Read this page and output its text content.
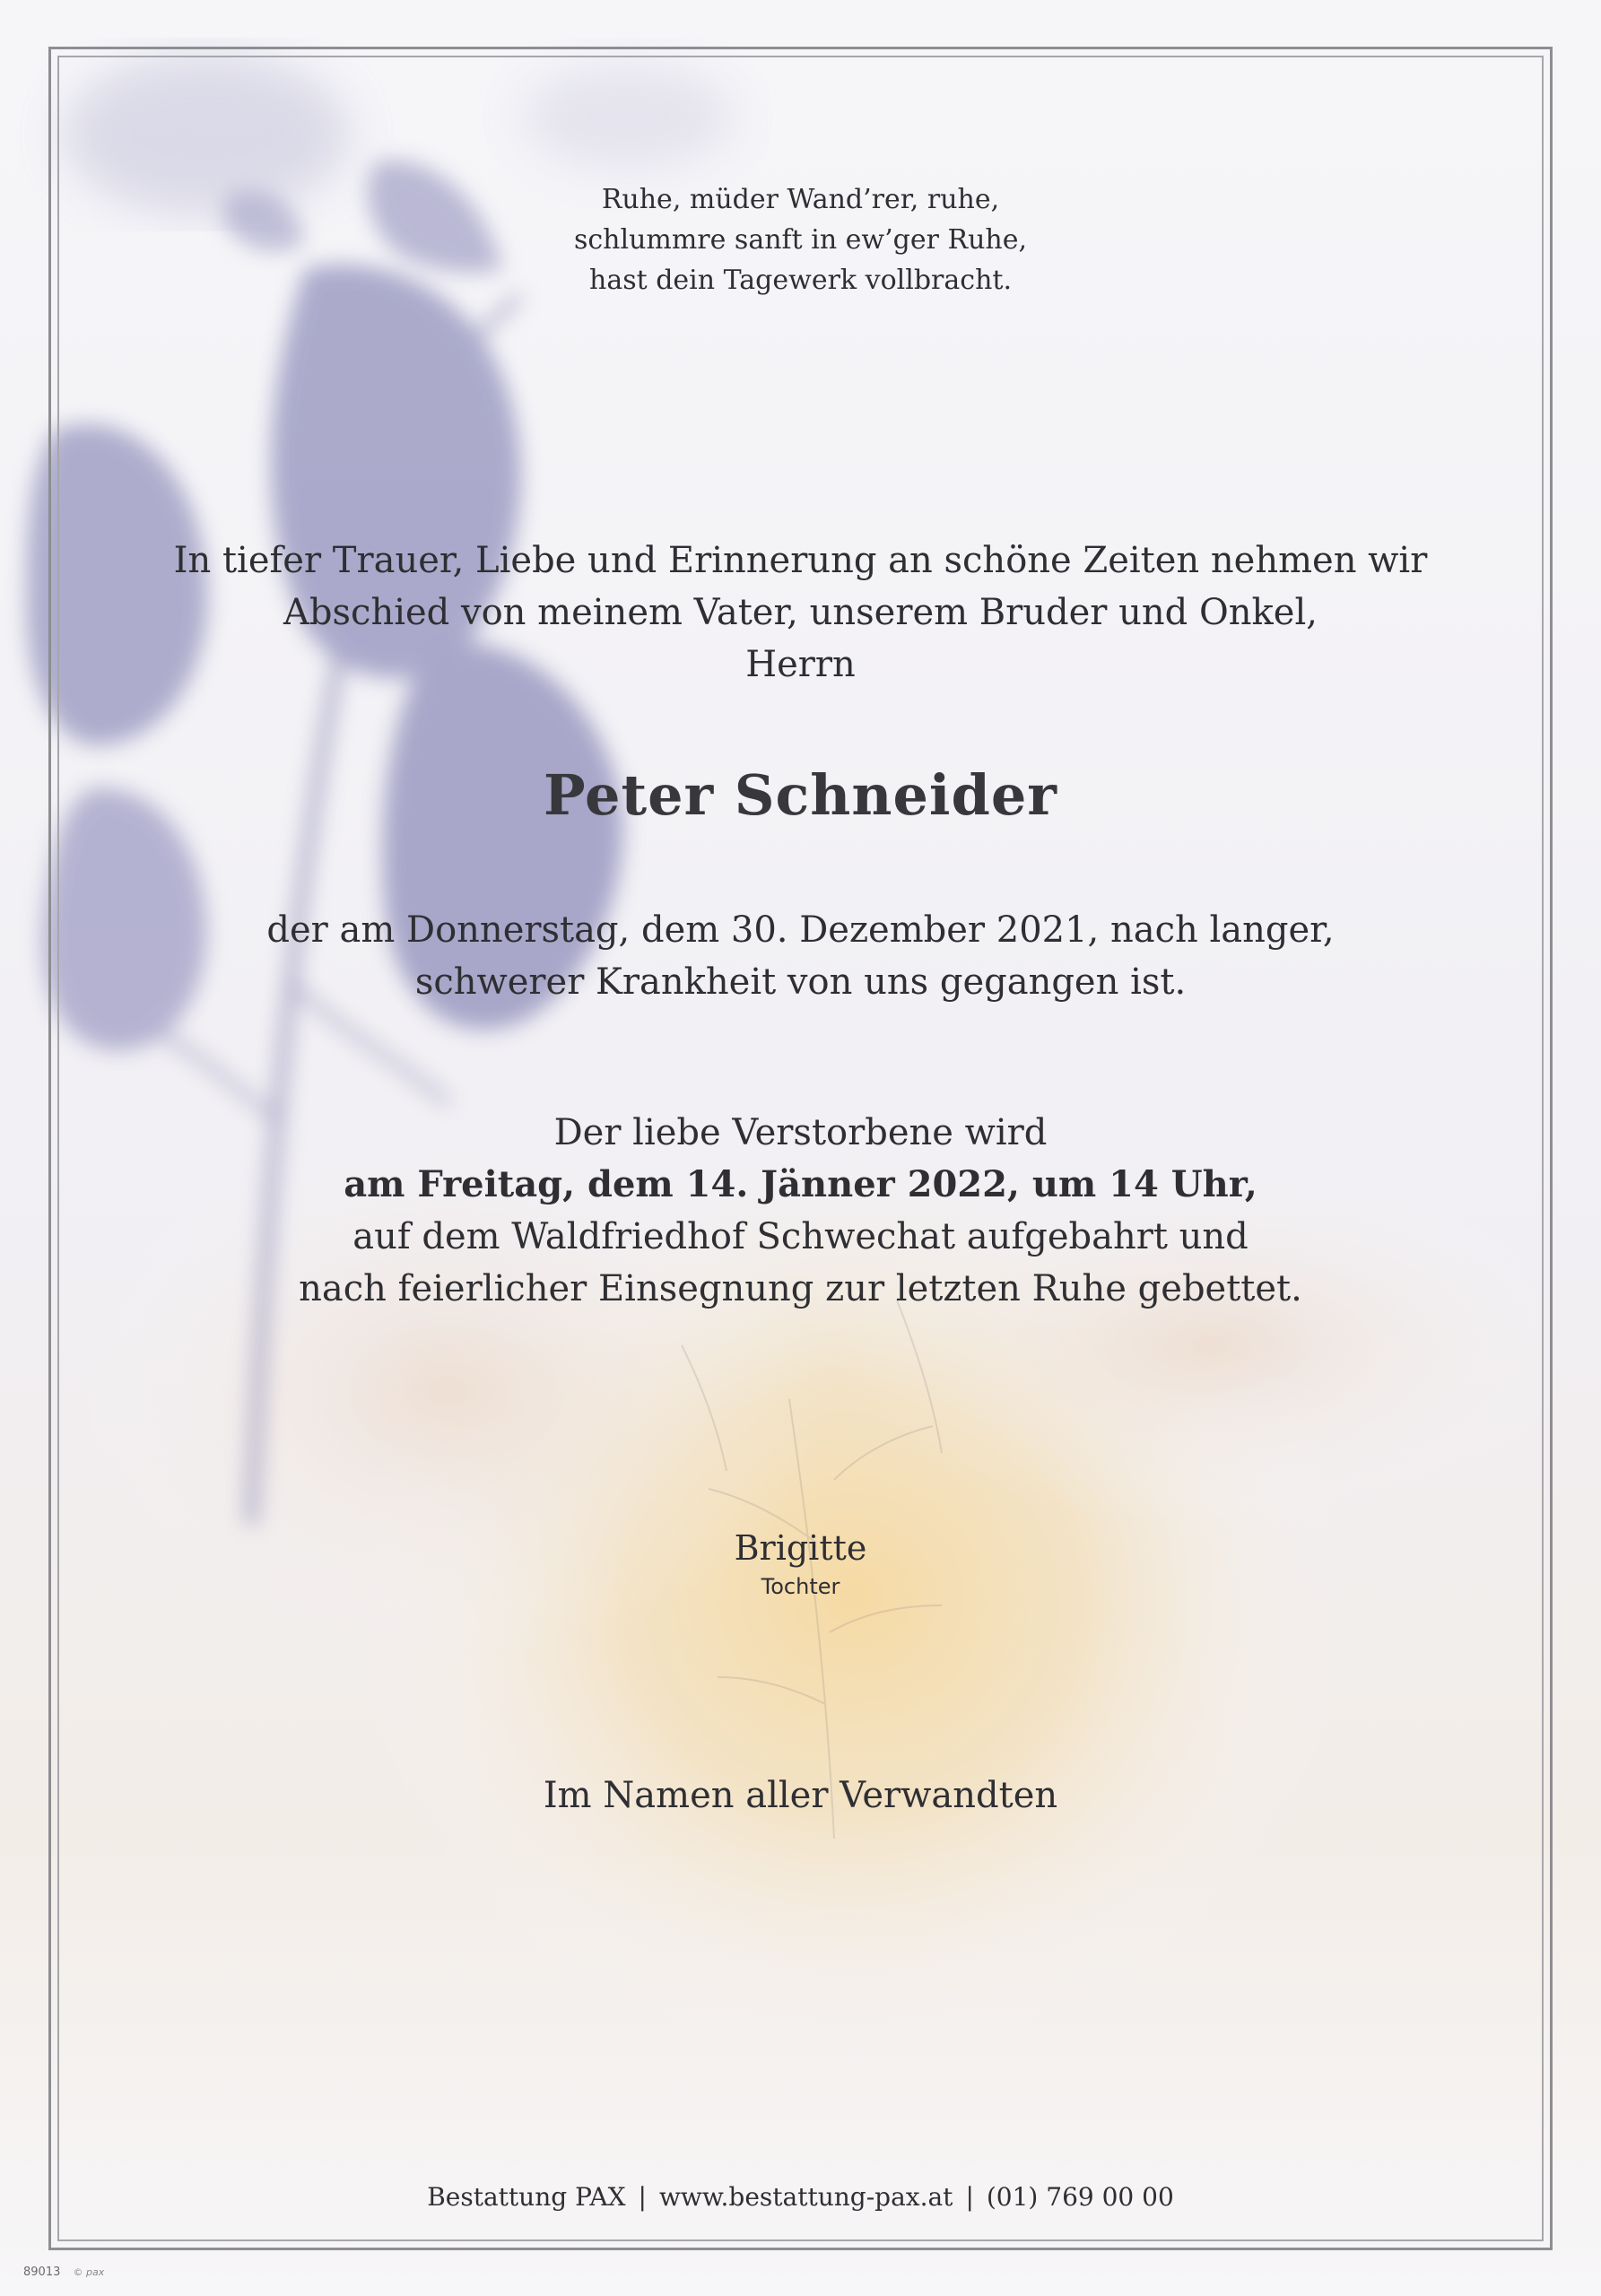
Ruhe, müder Wand’rer, ruhe,
schlummre sanft in ew’ger Ruhe,
hast dein Tagewerk vollbracht.
In tiefer Trauer, Liebe und Erinnerung an schöne Zeiten nehmen wir
Abschied von meinem Vater, unserem Bruder und Onkel,
Herrn
Peter Schneider
der am Donnerstag, dem 30. Dezember 2021, nach langer,
schwerer Krankheit von uns gegangen ist.
Der liebe Verstorbene wird
am Freitag, dem 14. Jänner 2022, um 14 Uhr,
auf dem Waldfriedhof Schwechat aufgebahrt und
nach feierlicher Einsegnung zur letzten Ruhe gebettet.
Brigitte
Tochter
Im Namen aller Verwandten
Bestattung PAX | www.bestattung-pax.at | (01) 769 00 00
89013 © pax
